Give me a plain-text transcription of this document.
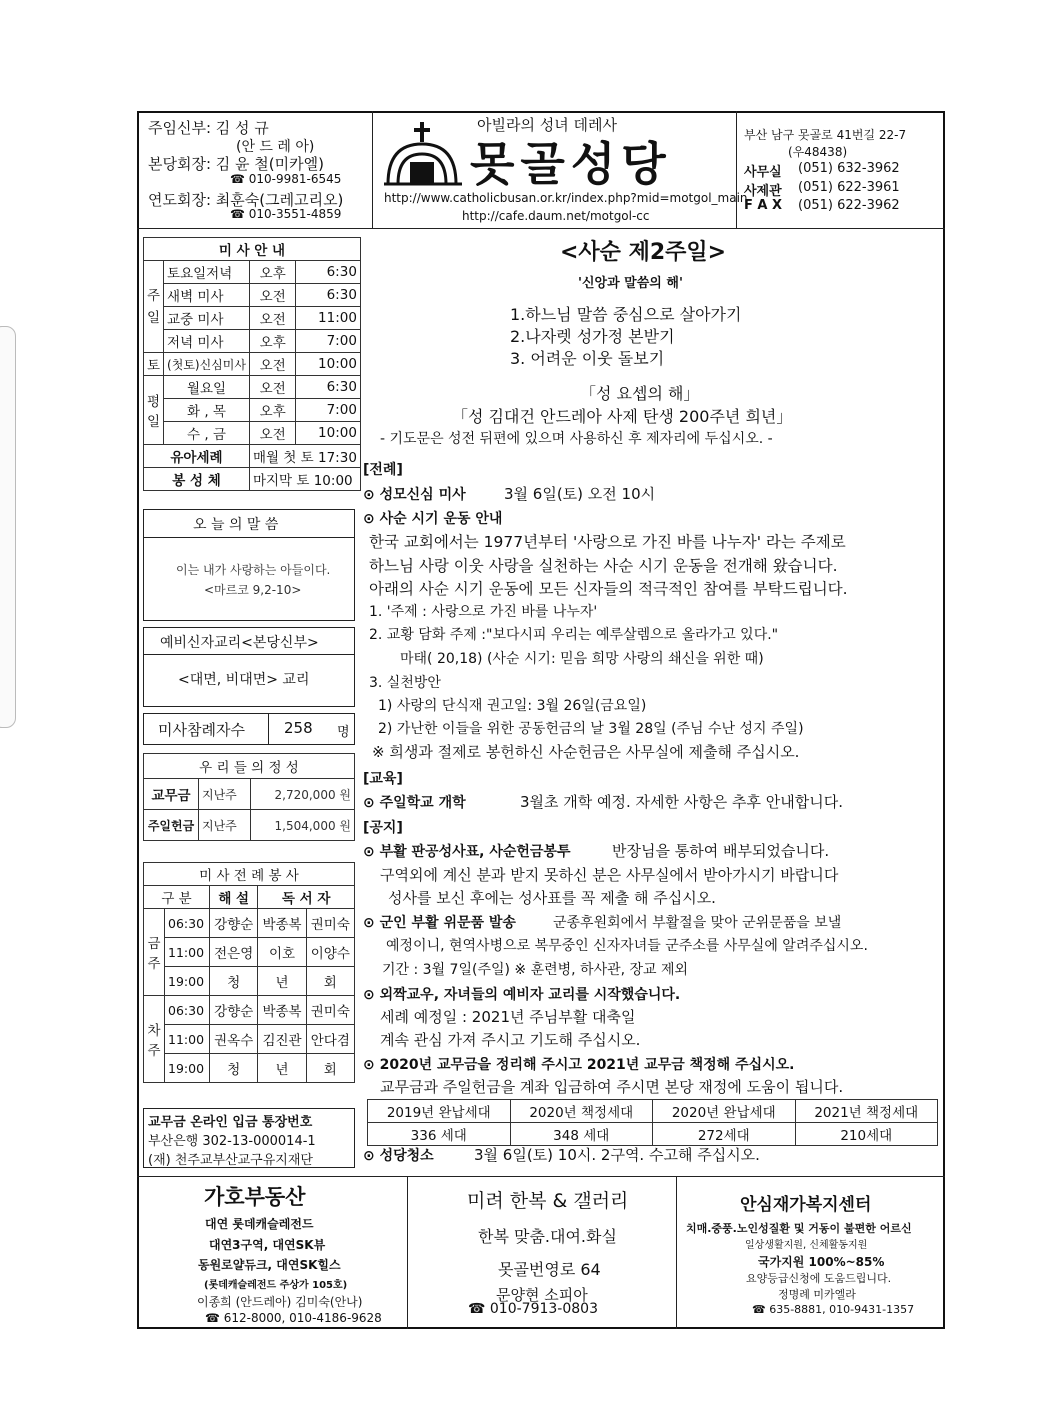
주임신부: 김 성 규
(안 드 레 아)
본당회장: 김 윤 철(미카엘)
☎ 010-9981-6545
연도회장: 최훈숙(그레고리오)
☎ 010-3551-4859
아빌라의 성녀 데레사
못골성당
http://www.catholicbusan.or.kr/index.php?mid=motgol_main
http://cafe.daum.net/motgol-cc
부산 남구 못골로 41번길 22-7
(우48438)
사무실 (051) 632-3962
사제관 (051) 622-3961
F A X (051) 622-3962
미 사 안 내			
주일	토요일저녁	오후	6:30
	새벽 미사	오전	6:30
	교중 미사	오전	11:00
	저녁 미사	오후	7:00
토	(첫토)신심미사	오전	10:00
평일	월요일	오전	6:30
	화 , 목	오후	7:00
	수 , 금	오전	10:00
유아세례		매월 첫 토 17:30	
봉 성 체		마지막 토 10:00	
오 늘 의 말 씀
이는 내가 사랑하는 아들이다.
<마르코 9,2-10>
예비신자교리<본당신부>
<대면, 비대면> 교리
미사참례자수	258 명
우 리 들 의 정 성		
교무금	지난주	2,720,000 원
주일헌금	지난주	1,504,000 원
미 사 전 례 봉 사				
구 분		해 설	독 서 자	
금주	06:30	강향순	박종복	권미숙
	11:00	전은영	이호	이양수
	19:00	청	년	회
차주	06:30	강향순	박종복	권미숙
	11:00	권옥수	김진관	안다겸
	19:00	청	년	회
교무금 온라인 입금 통장번호
부산은행 302-13-000014-1
(재) 천주교부산교구유지재단
<사순 제2주일>
'신앙과 말씀의 해'
1.하느님 말씀 중심으로 살아가기
2.나자렛 성가정 본받기
3. 어려운 이웃 돌보기
「성 요셉의 해」
「성 김대건 안드레아 사제 탄생 200주년 희년」
- 기도문은 성전 뒤편에 있으며 사용하신 후 제자리에 두십시오. -
[전례]
⊙ 성모신심 미사	3월 6일(토) 오전 10시
⊙ 사순 시기 운동 안내
한국 교회에서는 1977년부터 '사랑으로 가진 바를 나누자' 라는 주제로
하느님 사랑 이웃 사랑을 실천하는 사순 시기 운동을 전개해 왔습니다.
아래의 사순 시기 운동에 모든 신자들의 적극적인 참여를 부탁드립니다.
1. '주제 : 사랑으로 가진 바를 나누자'
2. 교황 담화 주제 :"보다시피 우리는 예루살렘으로 올라가고 있다."
마태( 20,18) (사순 시기: 믿음 희망 사랑의 쇄신을 위한 때)
3. 실천방안
1) 사랑의 단식재 권고일: 3월 26일(금요일)
2) 가난한 이들을 위한 공동헌금의 날 3월 28일 (주님 수난 성지 주일)
※ 희생과 절제로 봉헌하신 사순헌금은 사무실에 제출해 주십시오.
[교육]
⊙ 주일학교 개학	3월초 개학 예정. 자세한 사항은 추후 안내합니다.
[공지]
⊙ 부활 판공성사표, 사순헌금봉투	반장님을 통하여 배부되었습니다.
구역외에 계신 분과 받지 못하신 분은 사무실에서 받아가시기 바랍니다
성사를 보신 후에는 성사표를 꼭 제출 해 주십시오.
⊙ 군인 부활 위문품 발송	군종후원회에서 부활절을 맞아 군위문품을 보낼
예정이니, 현역사병으로 복무중인 신자자녀들 군주소를 사무실에 알려주십시오.
기간 : 3월 7일(주일) ※ 훈련병, 하사관, 장교 제외
⊙ 외짝교우, 자녀들의 예비자 교리를 시작했습니다.
세례 예정일 : 2021년 주님부활 대축일
계속 관심 가져 주시고 기도해 주십시오.
⊙ 2020년 교무금을 정리해 주시고 2021년 교무금 책정해 주십시오.
교무금과 주일헌금을 계좌 입금하여 주시면 본당 재정에 도움이 됩니다.
2019년 완납세대	2020년 책정세대	2020년 완납세대	2021년 책정세대
336 세대	348 세대	272세대	210세대
⊙ 성당청소	3월 6일(토) 10시. 2구역. 수고해 주십시오.
가호부동산
대연 롯데캐슬레전드
대연3구역, 대연SK뷰
동원로얄듀크, 대연SK힐스
(롯데캐슬레전드 주상가 105호)
이종희 (안드레아) 김미숙(안나)
☎ 612-8000, 010-4186-9628
미려 한복 & 갤러리
한복 맞춤.대여.화실
못골번영로 64
문양현 소피아
☎ 010-7913-0803
안심재가복지센터
치매.중풍.노인성질환 및 거동이 불편한 어르신
일상생활지원, 신체활동지원
국가지원 100%~85%
요양등급신청에 도움드립니다.
정명례 미카엘라
☎ 635-8881, 010-9431-1357
